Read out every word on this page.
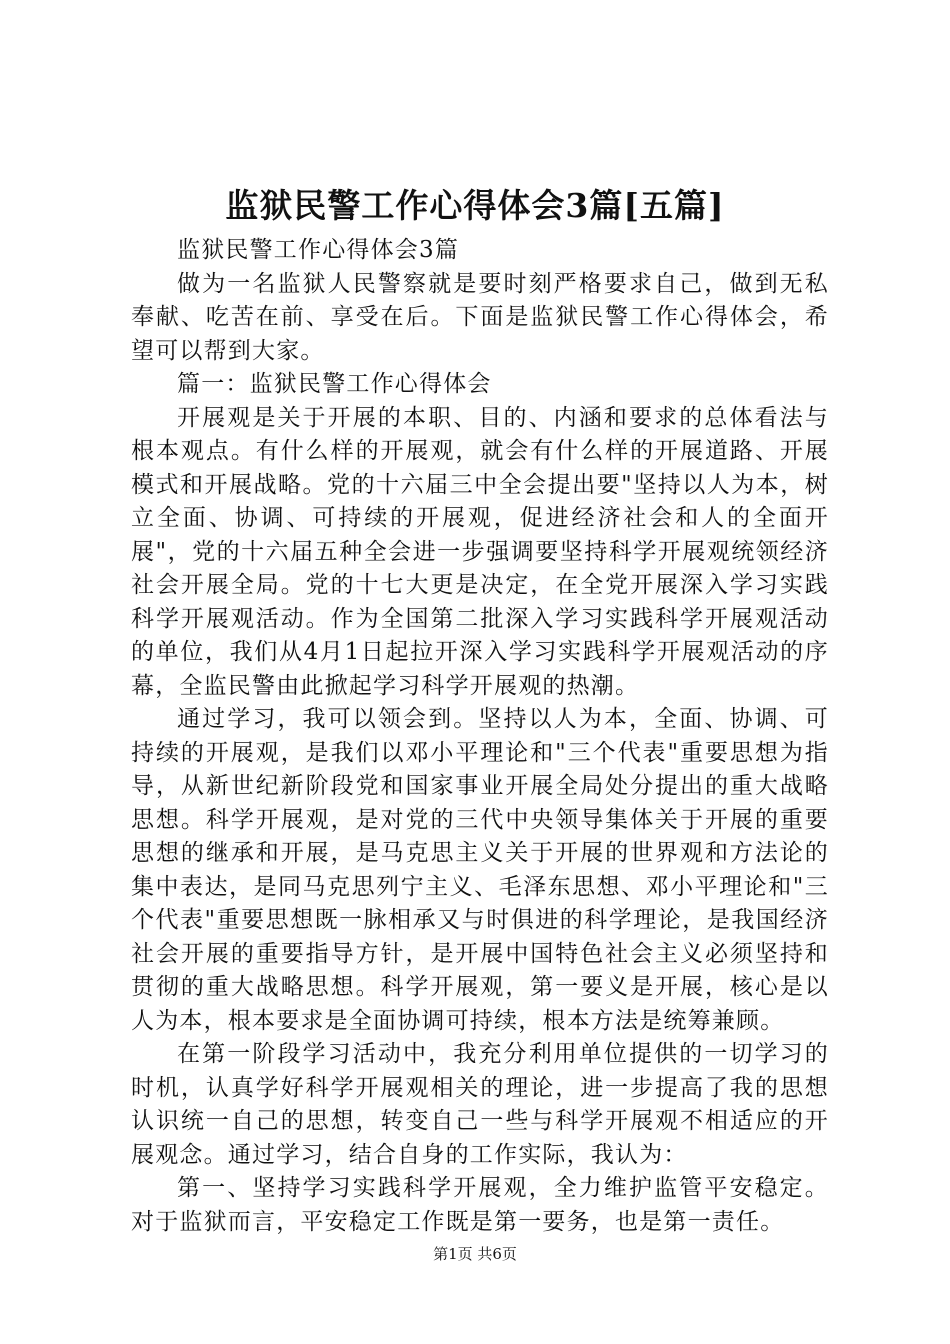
监狱民警工作心得体会3篇[五篇]

监狱民警工作心得体会3篇

做为一名监狱人民警察就是要时刻严格要求自己，做到无私奉献、吃苦在前、享受在后。下面是监狱民警工作心得体会，希望可以帮到大家。

篇一：监狱民警工作心得体会

开展观是关于开展的本职、目的、内涵和要求的总体看法与根本观点。有什么样的开展观，就会有什么样的开展道路、开展模式和开展战略。党的十六届三中全会提出要"坚持以人为本，树立全面、协调、可持续的开展观，促进经济社会和人的全面开展"，党的十六届五种全会进一步强调要坚持科学开展观统领经济社会开展全局。党的十七大更是决定，在全党开展深入学习实践科学开展观活动。作为全国第二批深入学习实践科学开展观活动的单位，我们从4月1日起拉开深入学习实践科学开展观活动的序幕，全监民警由此掀起学习科学开展观的热潮。

通过学习，我可以领会到。坚持以人为本，全面、协调、可持续的开展观，是我们以邓小平理论和"三个代表"重要思想为指导，从新世纪新阶段党和国家事业开展全局处分提出的重大战略思想。科学开展观，是对党的三代中央领导集体关于开展的重要思想的继承和开展，是马克思主义关于开展的世界观和方法论的集中表达，是同马克思列宁主义、毛泽东思想、邓小平理论和"三个代表"重要思想既一脉相承又与时俱进的科学理论，是我国经济社会开展的重要指导方针，是开展中国特色社会主义必须坚持和贯彻的重大战略思想。科学开展观，第一要义是开展，核心是以人为本，根本要求是全面协调可持续，根本方法是统筹兼顾。

在第一阶段学习活动中，我充分利用单位提供的一切学习的时机，认真学好科学开展观相关的理论，进一步提高了我的思想认识统一自己的思想，转变自己一些与科学开展观不相适应的开展观念。通过学习，结合自身的工作实际，我认为：

第一、坚持学习实践科学开展观，全力维护监管平安稳定。对于监狱而言，平安稳定工作既是第一要务，也是第一责任。

第1页 共6页
